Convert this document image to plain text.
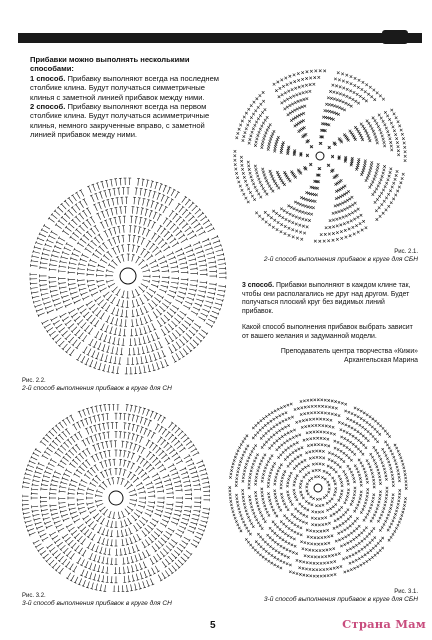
Прибавки можно выполнять несколькими способами:

1 способ. Прибавку выполняют всегда на последнем столбике клина. Будут получаться симметричные клинья с заметной линией прибавок между ними.

2 способ. Прибавку выполняют всегда на первом столбике клина. Будут получаться асимметричные клинья, немного закрученные вправо, с заметной линией прибавок между ними.

Рис. 2.1.
2-й способ выполнения прибавок в круге для СБН
Рис. 2.2.
2-й способ выполнения прибавок в круге для СН

3 способ. Прибавки выполняют в каждом клине так, чтобы они располагались не друг над другом. Будет получаться плоский круг без видимых линий прибавок.

Какой способ выполнения прибавок выбрать зависит от вашего желания и задуманной модели.

Преподаватель центра творчества «Кижи»
Архангельская Марина
Рис. 3.2.
3-й способ выполнения прибавок в круге для СН
Рис. 3.1.
3-й способ выполнения прибавок в круге для СБН
5	Страна Мам
